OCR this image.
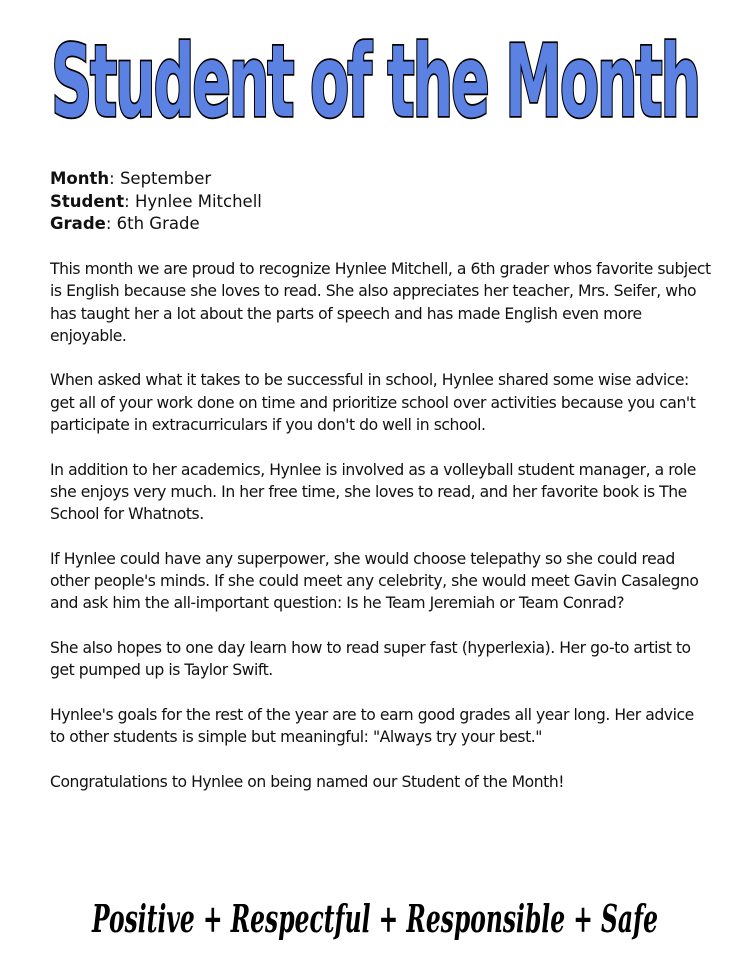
Student of the Month
Month: September
Student: Hynlee Mitchell
Grade: 6th Grade

This month we are proud to recognize Hynlee Mitchell, a 6th grader whos favorite subject is English because she loves to read. She also appreciates her teacher, Mrs. Seifer, who has taught her a lot about the parts of speech and has made English even more enjoyable.

When asked what it takes to be successful in school, Hynlee shared some wise advice: get all of your work done on time and prioritize school over activities because you can't participate in extracurriculars if you don't do well in school.

In addition to her academics, Hynlee is involved as a volleyball student manager, a role she enjoys very much. In her free time, she loves to read, and her favorite book is The School for Whatnots.

If Hynlee could have any superpower, she would choose telepathy so she could read other people's minds. If she could meet any celebrity, she would meet Gavin Casalegno and ask him the all-important question: Is he Team Jeremiah or Team Conrad?

She also hopes to one day learn how to read super fast (hyperlexia). Her go-to artist to get pumped up is Taylor Swift.

Hynlee's goals for the rest of the year are to earn good grades all year long. Her advice to other students is simple but meaningful: "Always try your best."

Congratulations to Hynlee on being named our Student of the Month!

Positive + Respectful + Responsible + Safe
